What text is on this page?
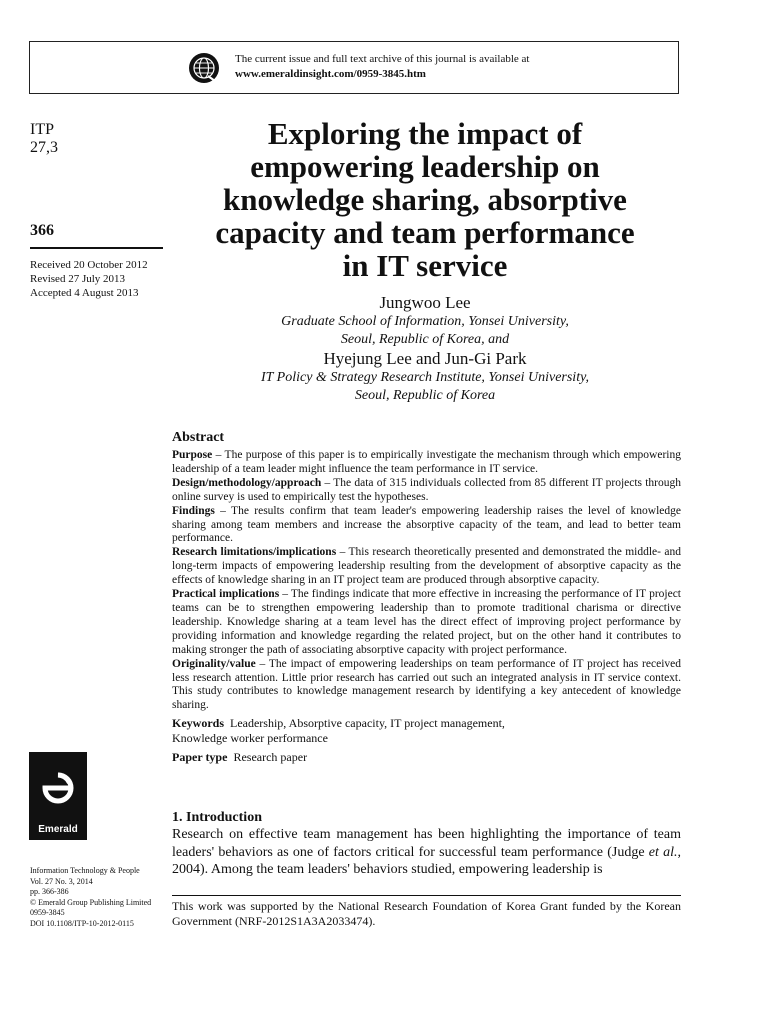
The current issue and full text archive of this journal is available at
www.emeraldinsight.com/0959-3845.htm
ITP
27,3
366
Received 20 October 2012
Revised 27 July 2013
Accepted 4 August 2013
Exploring the impact of
empowering leadership on
knowledge sharing, absorptive
capacity and team performance
in IT service
Jungwoo Lee
Graduate School of Information, Yonsei University,
Seoul, Republic of Korea, and
Hyejung Lee and Jun-Gi Park
IT Policy & Strategy Research Institute, Yonsei University,
Seoul, Republic of Korea
Abstract

Purpose – The purpose of this paper is to empirically investigate the mechanism through which empowering leadership of a team leader might influence the team performance in IT service.

Design/methodology/approach – The data of 315 individuals collected from 85 different IT projects through online survey is used to empirically test the hypotheses.

Findings – The results confirm that team leader's empowering leadership raises the level of knowledge sharing among team members and increase the absorptive capacity of the team, and lead to better team performance.

Research limitations/implications – This research theoretically presented and demonstrated the middle- and long-term impacts of empowering leadership resulting from the development of absorptive capacity as the effects of knowledge sharing in an IT project team are produced through absorptive capacity.

Practical implications – The findings indicate that more effective in increasing the performance of IT project teams can be to strengthen empowering leadership than to promote traditional charisma or directive leadership. Knowledge sharing at a team level has the direct effect of improving project performance by providing information and knowledge regarding the related project, but on the other hand it contributes to making stronger the path of associating absorptive capacity with project performance.

Originality/value – The impact of empowering leaderships on team performance of IT project has received less research attention. Little prior research has carried out such an integrated analysis in IT service context. This study contributes to knowledge management research by identifying a key antecedent of knowledge sharing.

Keywords Leadership, Absorptive capacity, IT project management,
Knowledge worker performance
Paper type Research paper
Emerald
1. Introduction

Research on effective team management has been highlighting the importance of team leaders' behaviors as one of factors critical for successful team performance (Judge et al., 2004). Among the team leaders' behaviors studied, empowering leadership is

Information Technology & People
Vol. 27 No. 3, 2014
pp. 366-386
© Emerald Group Publishing Limited
0959-3845
DOI 10.1108/ITP-10-2012-0115
This work was supported by the National Research Foundation of Korea Grant funded by the Korean Government (NRF-2012S1A3A2033474).
